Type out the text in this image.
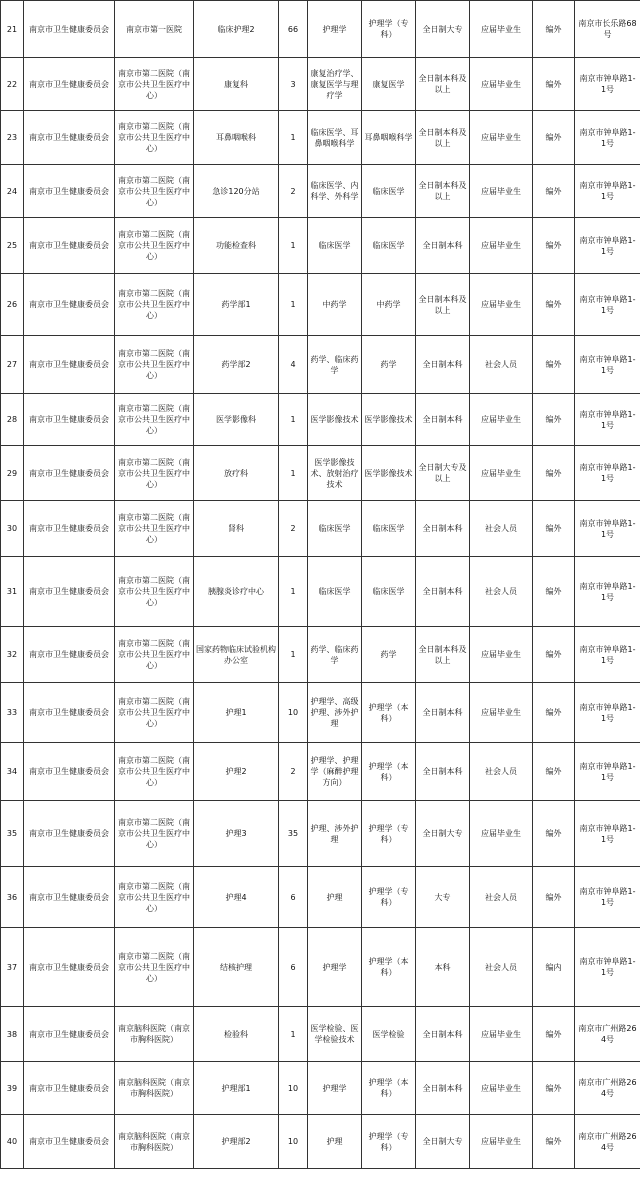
21	南京市卫生健康委员会	南京市第一医院	临床护理2	66	护理学	护理学（专科）	全日制大专	应届毕业生	编外	南京市长乐路68号
22	南京市卫生健康委员会	南京市第二医院（南京市公共卫生医疗中心）	康复科	3	康复治疗学、康复医学与理疗学	康复医学	全日制本科及以上	应届毕业生	编外	南京市钟阜路1-1号
23	南京市卫生健康委员会	南京市第二医院（南京市公共卫生医疗中心）	耳鼻咽喉科	1	临床医学、耳鼻咽喉科学	耳鼻咽喉科学	全日制本科及以上	应届毕业生	编外	南京市钟阜路1-1号
24	南京市卫生健康委员会	南京市第二医院（南京市公共卫生医疗中心）	急诊120分站	2	临床医学、内科学、外科学	临床医学	全日制本科及以上	应届毕业生	编外	南京市钟阜路1-1号
25	南京市卫生健康委员会	南京市第二医院（南京市公共卫生医疗中心）	功能检查科	1	临床医学	临床医学	全日制本科	应届毕业生	编外	南京市钟阜路1-1号
26	南京市卫生健康委员会	南京市第二医院（南京市公共卫生医疗中心）	药学部1	1	中药学	中药学	全日制本科及以上	应届毕业生	编外	南京市钟阜路1-1号
27	南京市卫生健康委员会	南京市第二医院（南京市公共卫生医疗中心）	药学部2	4	药学、临床药学	药学	全日制本科	社会人员	编外	南京市钟阜路1-1号
28	南京市卫生健康委员会	南京市第二医院（南京市公共卫生医疗中心）	医学影像科	1	医学影像技术	医学影像技术	全日制本科	应届毕业生	编外	南京市钟阜路1-1号
29	南京市卫生健康委员会	南京市第二医院（南京市公共卫生医疗中心）	放疗科	1	医学影像技术、放射治疗技术	医学影像技术	全日制大专及以上	应届毕业生	编外	南京市钟阜路1-1号
30	南京市卫生健康委员会	南京市第二医院（南京市公共卫生医疗中心）	肾科	2	临床医学	临床医学	全日制本科	社会人员	编外	南京市钟阜路1-1号
31	南京市卫生健康委员会	南京市第二医院（南京市公共卫生医疗中心）	胰腺炎诊疗中心	1	临床医学	临床医学	全日制本科	社会人员	编外	南京市钟阜路1-1号
32	南京市卫生健康委员会	南京市第二医院（南京市公共卫生医疗中心）	国家药物临床试验机构办公室	1	药学、临床药学	药学	全日制本科及以上	应届毕业生	编外	南京市钟阜路1-1号
33	南京市卫生健康委员会	南京市第二医院（南京市公共卫生医疗中心）	护理1	10	护理学、高级护理、涉外护理	护理学（本科）	全日制本科	应届毕业生	编外	南京市钟阜路1-1号
34	南京市卫生健康委员会	南京市第二医院（南京市公共卫生医疗中心）	护理2	2	护理学、护理学（麻醉护理方向）	护理学（本科）	全日制本科	社会人员	编外	南京市钟阜路1-1号
35	南京市卫生健康委员会	南京市第二医院（南京市公共卫生医疗中心）	护理3	35	护理、涉外护理	护理学（专科）	全日制大专	应届毕业生	编外	南京市钟阜路1-1号
36	南京市卫生健康委员会	南京市第二医院（南京市公共卫生医疗中心）	护理4	6	护理	护理学（专科）	大专	社会人员	编外	南京市钟阜路1-1号
37	南京市卫生健康委员会	南京市第二医院（南京市公共卫生医疗中心）	结核护理	6	护理学	护理学（本科）	本科	社会人员	编内	南京市钟阜路1-1号
38	南京市卫生健康委员会	南京脑科医院（南京市胸科医院）	检验科	1	医学检验、医学检验技术	医学检验	全日制本科	应届毕业生	编外	南京市广州路264号
39	南京市卫生健康委员会	南京脑科医院（南京市胸科医院）	护理部1	10	护理学	护理学（本科）	全日制本科	应届毕业生	编外	南京市广州路264号
40	南京市卫生健康委员会	南京脑科医院（南京市胸科医院）	护理部2	10	护理	护理学（专科）	全日制大专	应届毕业生	编外	南京市广州路264号
